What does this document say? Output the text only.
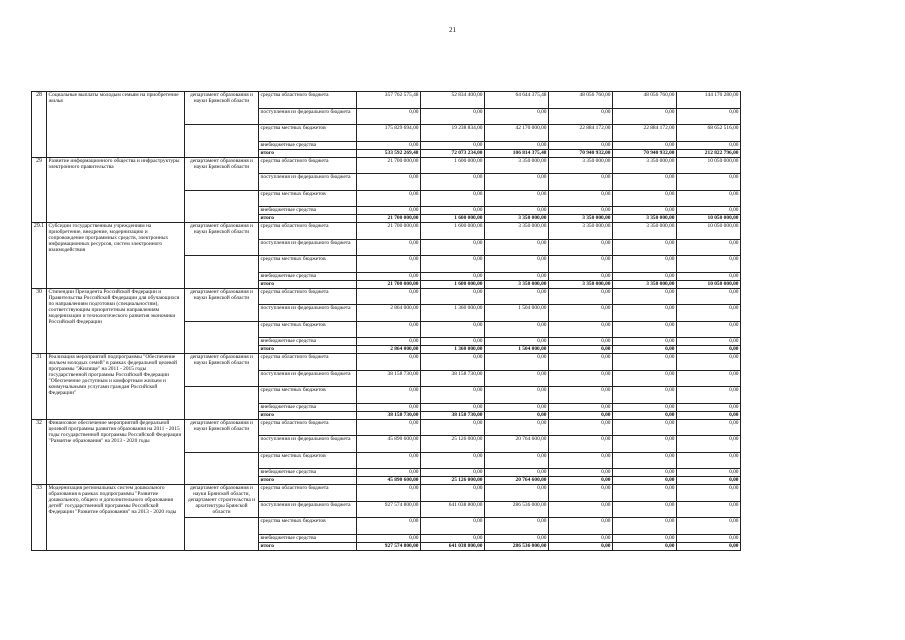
21
28	Социальные выплаты молодым семьям на приобретение жилья	департамент образования и науки Брянской области	средства областного бюджета	357 762 575,48	52 834 400,00	64 644 375,48	48 056 760,00	48 056 760,00	144 170 280,00
			поступления из федерального бюджета	0,00	0,00	0,00	0,00	0,00	0,00
			средства местных бюджетов	175 829 694,00	19 238 834,00	42 170 000,00	22 884 172,00	22 884 172,00	68 652 516,00
			внебюджетные средства	0,00	0,00	0,00	0,00	0,00	0,00
			итого	533 592 269,48	72 073 234,00	106 814 375,48	70 940 932,00	70 940 932,00	212 822 796,00
29	Развитие информационного общества и инфраструктуры электронного правительства	департамент образования и науки Брянской области	средства областного бюджета	21 700 000,00	1 600 000,00	3 350 000,00	3 350 000,00	3 350 000,00	10 050 000,00
			поступления из федерального бюджета	0,00	0,00	0,00	0,00	0,00	0,00
			средства местных бюджетов	0,00	0,00	0,00	0,00	0,00	0,00
			внебюджетные средства	0,00	0,00	0,00	0,00	0,00	0,00
			итого	21 700 000,00	1 600 000,00	3 350 000,00	3 350 000,00	3 350 000,00	10 050 000,00
29.1	Субсидии государственным учреждениям на приобретение, внедрение, модернизацию и сопровождение программных средств, электронных информационных ресурсов, систем электронного взаимодействия	департамент образования и науки Брянской области	средства областного бюджета	21 700 000,00	1 600 000,00	3 350 000,00	3 350 000,00	3 350 000,00	10 050 000,00
			поступления из федерального бюджета	0,00	0,00	0,00	0,00	0,00	0,00
			средства местных бюджетов	0,00	0,00	0,00	0,00	0,00	0,00
			внебюджетные средства	0,00	0,00	0,00	0,00	0,00	0,00
			итого	21 700 000,00	1 600 000,00	3 350 000,00	3 350 000,00	3 350 000,00	10 050 000,00
30	Стипендии Президента Российской Федерации и Правительства Российской Федерации для обучающихся по направлениям подготовки (специальностям), соответствующим приоритетным направлениям модернизации и технологического развития экономики Российской Федерации	департамент образования и науки Брянской области	средства областного бюджета	0,00	0,00	0,00	0,00	0,00	0,00
			поступления из федерального бюджета	2 864 000,00	1 360 000,00	1 504 000,00	0,00	0,00	0,00
			средства местных бюджетов	0,00	0,00	0,00	0,00	0,00	0,00
			внебюджетные средства	0,00	0,00	0,00	0,00	0,00	0,00
			итого	2 864 000,00	1 360 000,00	1 504 000,00	0,00	0,00	0,00
31	Реализация мероприятий подпрограммы "Обеспечение жильем молодых семей" в рамках федеральной целевой программы "Жилище" на 2011 - 2015 годы государственной программы Российской Федерации "Обеспечение доступным и комфортным жильем и коммунальными услугами граждан Российской Федерации"	департамент образования и науки Брянской области	средства областного бюджета	0,00	0,00	0,00	0,00	0,00	0,00
			поступления из федерального бюджета	38 158 730,00	38 158 730,00	0,00	0,00	0,00	0,00
			средства местных бюджетов	0,00	0,00	0,00	0,00	0,00	0,00
			внебюджетные средства	0,00	0,00	0,00	0,00	0,00	0,00
			итого	38 158 730,00	38 158 730,00	0,00	0,00	0,00	0,00
32	Финансовое обеспечение мероприятий федеральной целевой программы развития образования на 2011 - 2015 годы государственной программы Российской Федерации "Развитие образования" на 2013 - 2020 годы	департамент образования и науки Брянской области	средства областного бюджета	0,00	0,00	0,00	0,00	0,00	0,00
			поступления из федерального бюджета	45 890 600,00	25 126 000,00	20 764 600,00	0,00	0,00	0,00
			средства местных бюджетов	0,00	0,00	0,00	0,00	0,00	0,00
			внебюджетные средства	0,00	0,00	0,00	0,00	0,00	0,00
			итого	45 890 600,00	25 126 000,00	20 764 600,00	0,00	0,00	0,00
33	Модернизация региональных систем дошкольного образования в рамках подпрограммы "Развитие дошкольного, общего и дополнительного образования детей" государственной программы Российской Федерации "Развитие образования" на 2013 - 2020 годы	департамент образования и науки Брянской области, департамент строительства и архитектуры Брянской области	средства областного бюджета	0,00	0,00	0,00	0,00	0,00	0,00
			поступления из федерального бюджета	927 574 800,00	641 038 800,00	286 536 000,00	0,00	0,00	0,00
			средства местных бюджетов	0,00	0,00	0,00	0,00	0,00	0,00
			внебюджетные средства	0,00	0,00	0,00	0,00	0,00	0,00
			итого	927 574 800,00	641 038 800,00	286 536 000,00	0,00	0,00	0,00
